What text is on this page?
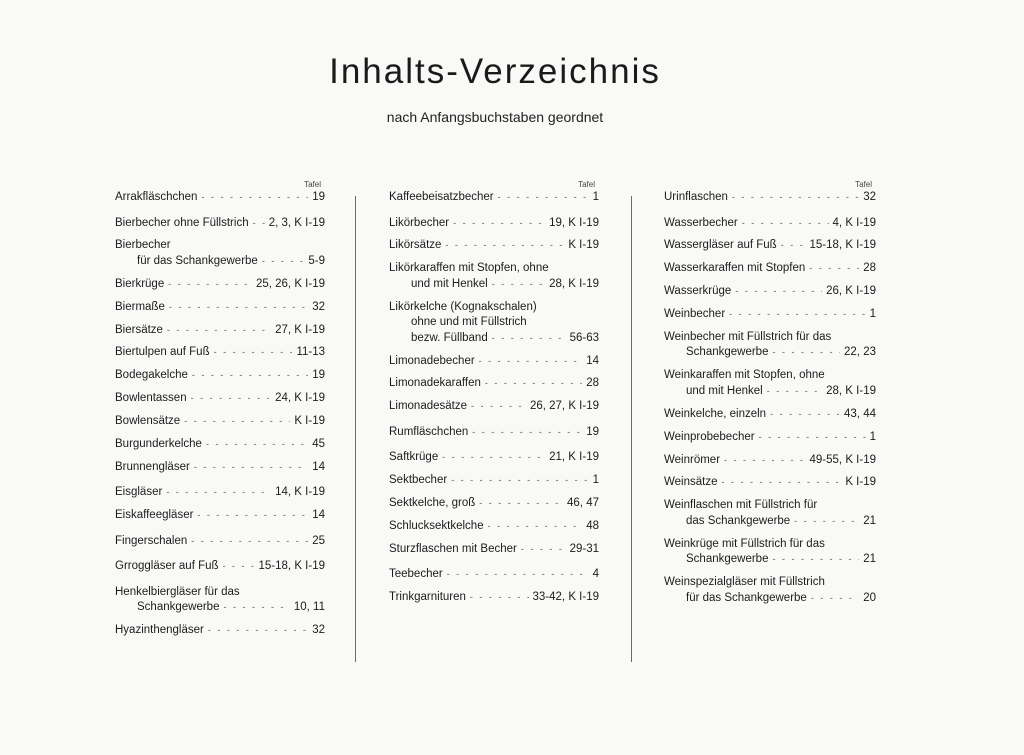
Inhalts-Verzeichnis
nach Anfangsbuchstaben geordnet
Tafel
Arrakfläschchen - - -	19
Bierbecher ohne Füllstrich - - - 2, 3, K I-19
Bierbecher
für das Schankgewerbe - - -	5-9
Bierkrüge - - -	25, 26, K I-19
Biermaße - - -	32
Biersätze - - -	27, K I-19
Biertulpen auf Fuß - - -	11-13
Bodegakelche - - -	19
Bowlentassen - - -	24, K I-19
Bowlensätze - - -	K I-19
Burgunderkelche - - -	45
Brunnengläser - - -	14
Eisgläser - - -	14, K I-19
Eiskaffeegläser - - -	14
Fingerschalen - - -	25
Grroggläser auf Fuß - - -	15-18, K I-19
Henkelbiergläser für das
Schankgewerbe - - -	10, 11
Hyazinthengläser - - -	32
Tafel
Kaffeebeisatzbecher - - -	1
Likörbecher - - -	19, K I-19
Likörsätze - - -	K I-19
Likörkaraffen mit Stopfen, ohne
und mit Henkel - - -	28, K I-19
Likörkelche (Kognakschalen)
ohne und mit Füllstrich
bezw. Füllband - - -	56-63
Limonadebecher - - -	14
Limonadekaraffen - - -	28
Limonadesätze - - -	26, 27, K I-19
Rumfläschchen - - -	19
Saftkrüge - - -	21, K I-19
Sektbecher - - -	1
Sektkelche, groß - - -	46, 47
Schlucksektkelche - - -	48
Sturzflaschen mit Becher - - -	29-31
Teebecher - - -	4
Trinkgarnituren - - -	33-42, K I-19
Tafel
Urinflaschen - - -	32
Wasserbecher - - -	4, K I-19
Wassergläser auf Fuß - - -	15-18, K I-19
Wasserkaraffen mit Stopfen - - -	28
Wasserkrüge - - -	26, K I-19
Weinbecher - - -	1
Weinbecher mit Füllstrich für das
Schankgewerbe - - -	22, 23
Weinkaraffen mit Stopfen, ohne
und mit Henkel - - -	28, K I-19
Weinkelche, einzeln - - -	43, 44
Weinprobebecher - - -	1
Weinrömer - - -	49-55, K I-19
Weinsätze - - -	K I-19
Weinflaschen mit Füllstrich für
das Schankgewerbe - - -	21
Weinkrüge mit Füllstrich für das
Schankgewerbe - - -	21
Weinspezialgläser mit Füllstrich
für das Schankgewerbe - - -	20
